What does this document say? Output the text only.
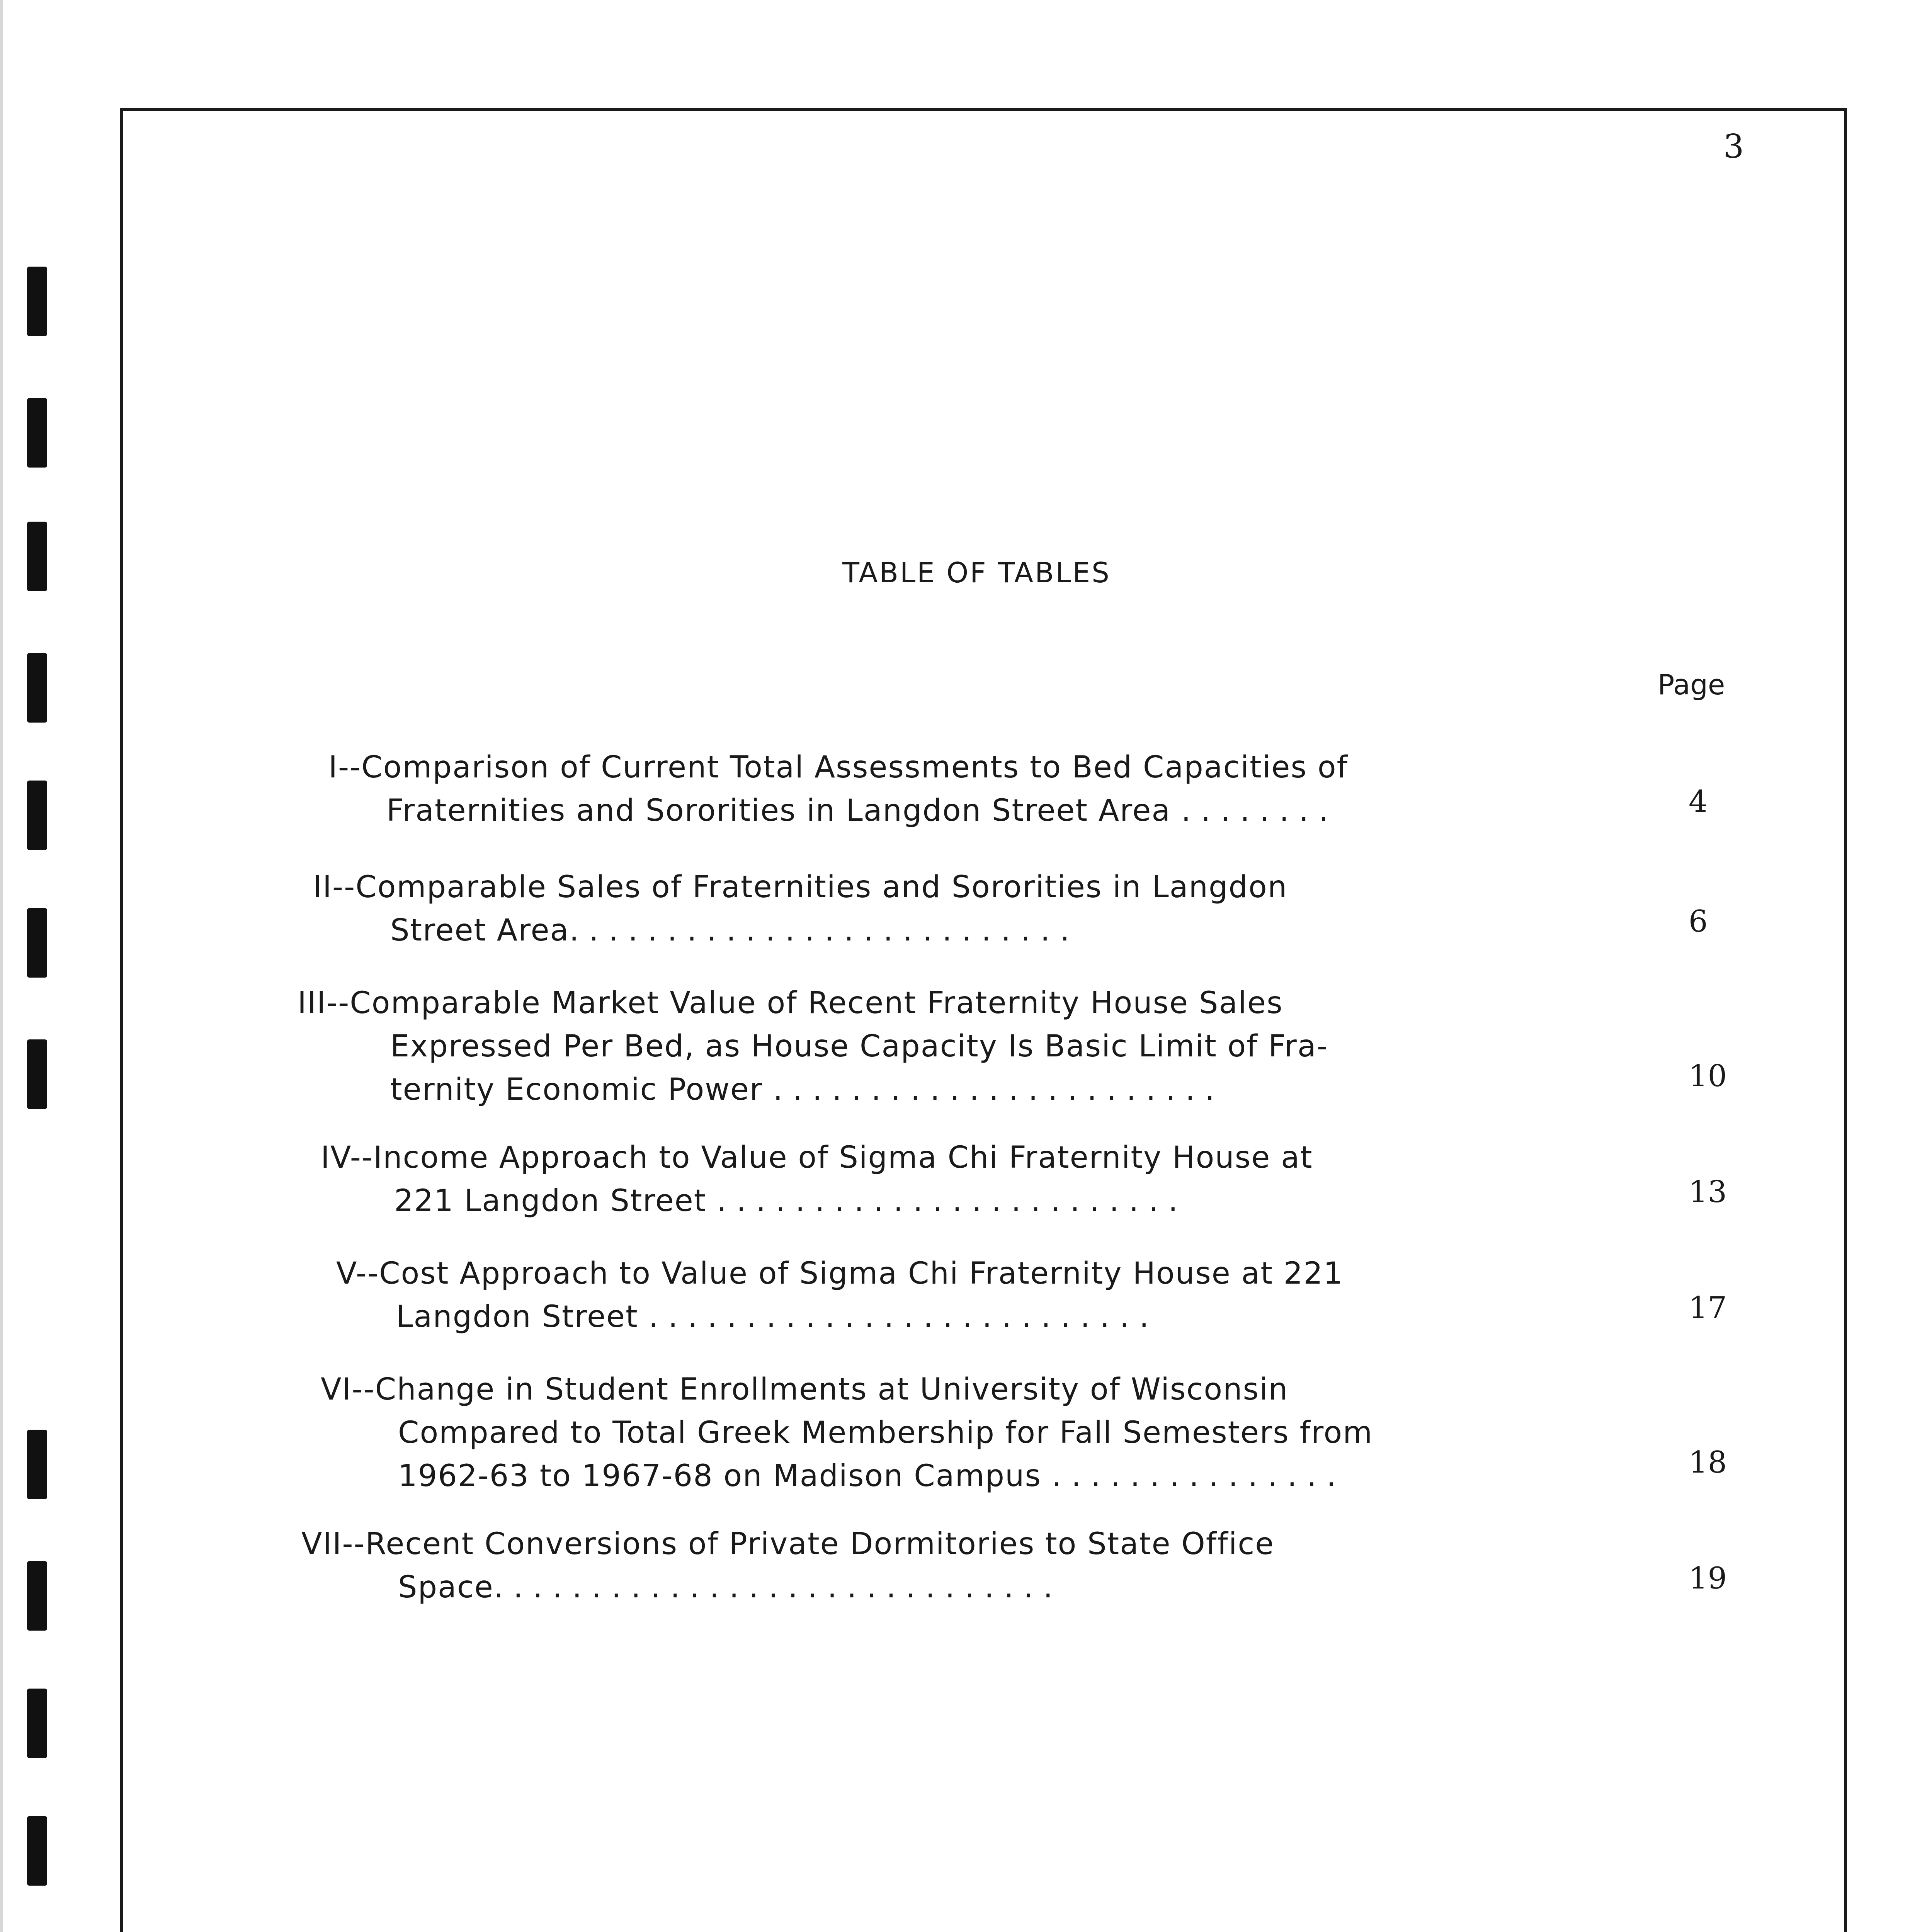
3
TABLE OF TABLES
Page
I--Comparison of Current Total Assessments to Bed Capacities of
Fraternities and Sororities in Langdon Street Area ........	4
II--Comparable Sales of Fraternities and Sororities in Langdon
Street Area..........................	6
III--Comparable Market Value of Recent Fraternity House Sales
Expressed Per Bed, as House Capacity Is Basic Limit of Fra-
ternity Economic Power .......................	10
IV--Income Approach to Value of Sigma Chi Fraternity House at
221 Langdon Street ........................	13
V--Cost Approach to Value of Sigma Chi Fraternity House at 221
Langdon Street ..........................	17
VI--Change in Student Enrollments at University of Wisconsin
Compared to Total Greek Membership for Fall Semesters from
1962-63 to 1967-68 on Madison Campus ...............	18
VII--Recent Conversions of Private Dormitories to State Office
Space.............................	19
